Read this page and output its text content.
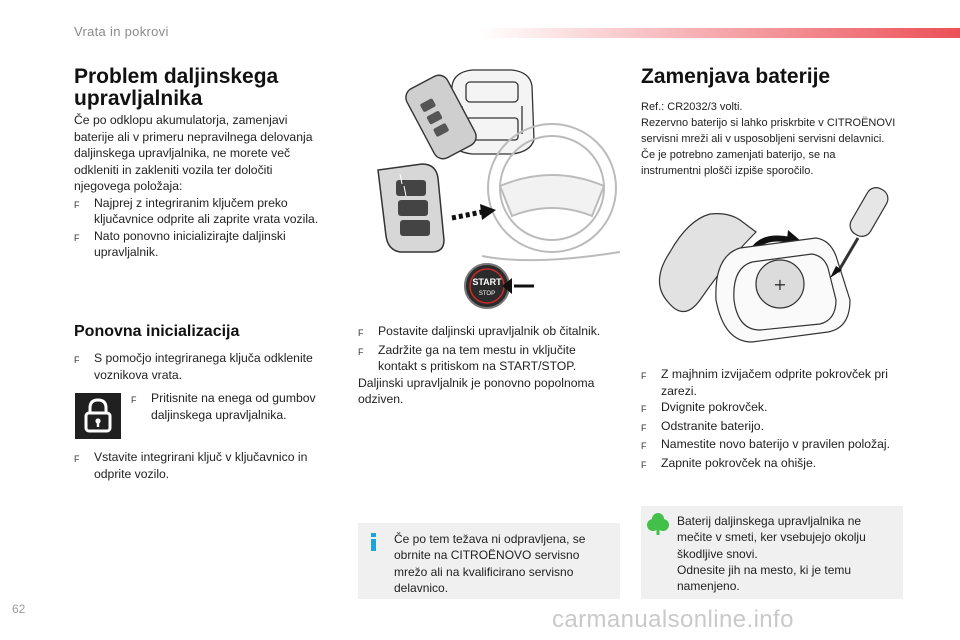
Vrata in pokrovi
Problem daljinskega
upravljalnika
Če po odklopu akumulatorja, zamenjavi
baterije ali v primeru nepravilnega delovanja
daljinskega upravljalnika, ne morete več
odkleniti in zakleniti vozila ter določiti
njegovega položaja:
F	Najprej z integriranim ključem preko
ključavnice odprite ali zaprite vrata vozila.
F	Nato ponovno inicializirajte daljinski
upravljalnik.
START
STOP
Ponovna inicializacija
F	S pomočjo integriranega ključa odklenite
voznikova vrata.
F	Pritisnite na enega od gumbov
daljinskega upravljalnika.
F	Vstavite integrirani ključ v ključavnico in
odprite vozilo.
F	Postavite daljinski upravljalnik ob čitalnik.
F	Zadržite ga na tem mestu in vključite
kontakt s pritiskom na START/STOP.
Daljinski upravljalnik je ponovno popolnoma
odziven.
Če po tem težava ni odpravljena, se
obrnite na CITROËNOVO servisno
mrežo ali na kvalificirano servisno
delavnico.
Zamenjava baterije
Ref.: CR2032/3 volti.
Rezervno baterijo si lahko priskrbite v CITROËNOVI
servisni mreži ali v usposobljeni servisni delavnici.
Če je potrebno zamenjati baterijo, se na
instrumentni plošči izpiše sporočilo.
+
F	Z majhnim izvijačem odprite pokrovček pri
zarezi.
F	Dvignite pokrovček.
F	Odstranite baterijo.
F	Namestite novo baterijo v pravilen položaj.
F	Zapnite pokrovček na ohišje.
Baterij daljinskega upravljalnika ne
mečite v smeti, ker vsebujejo okolju
škodljive snovi.
Odnesite jih na mesto, ki je temu
namenjeno.
62	carmanualsonline.info
